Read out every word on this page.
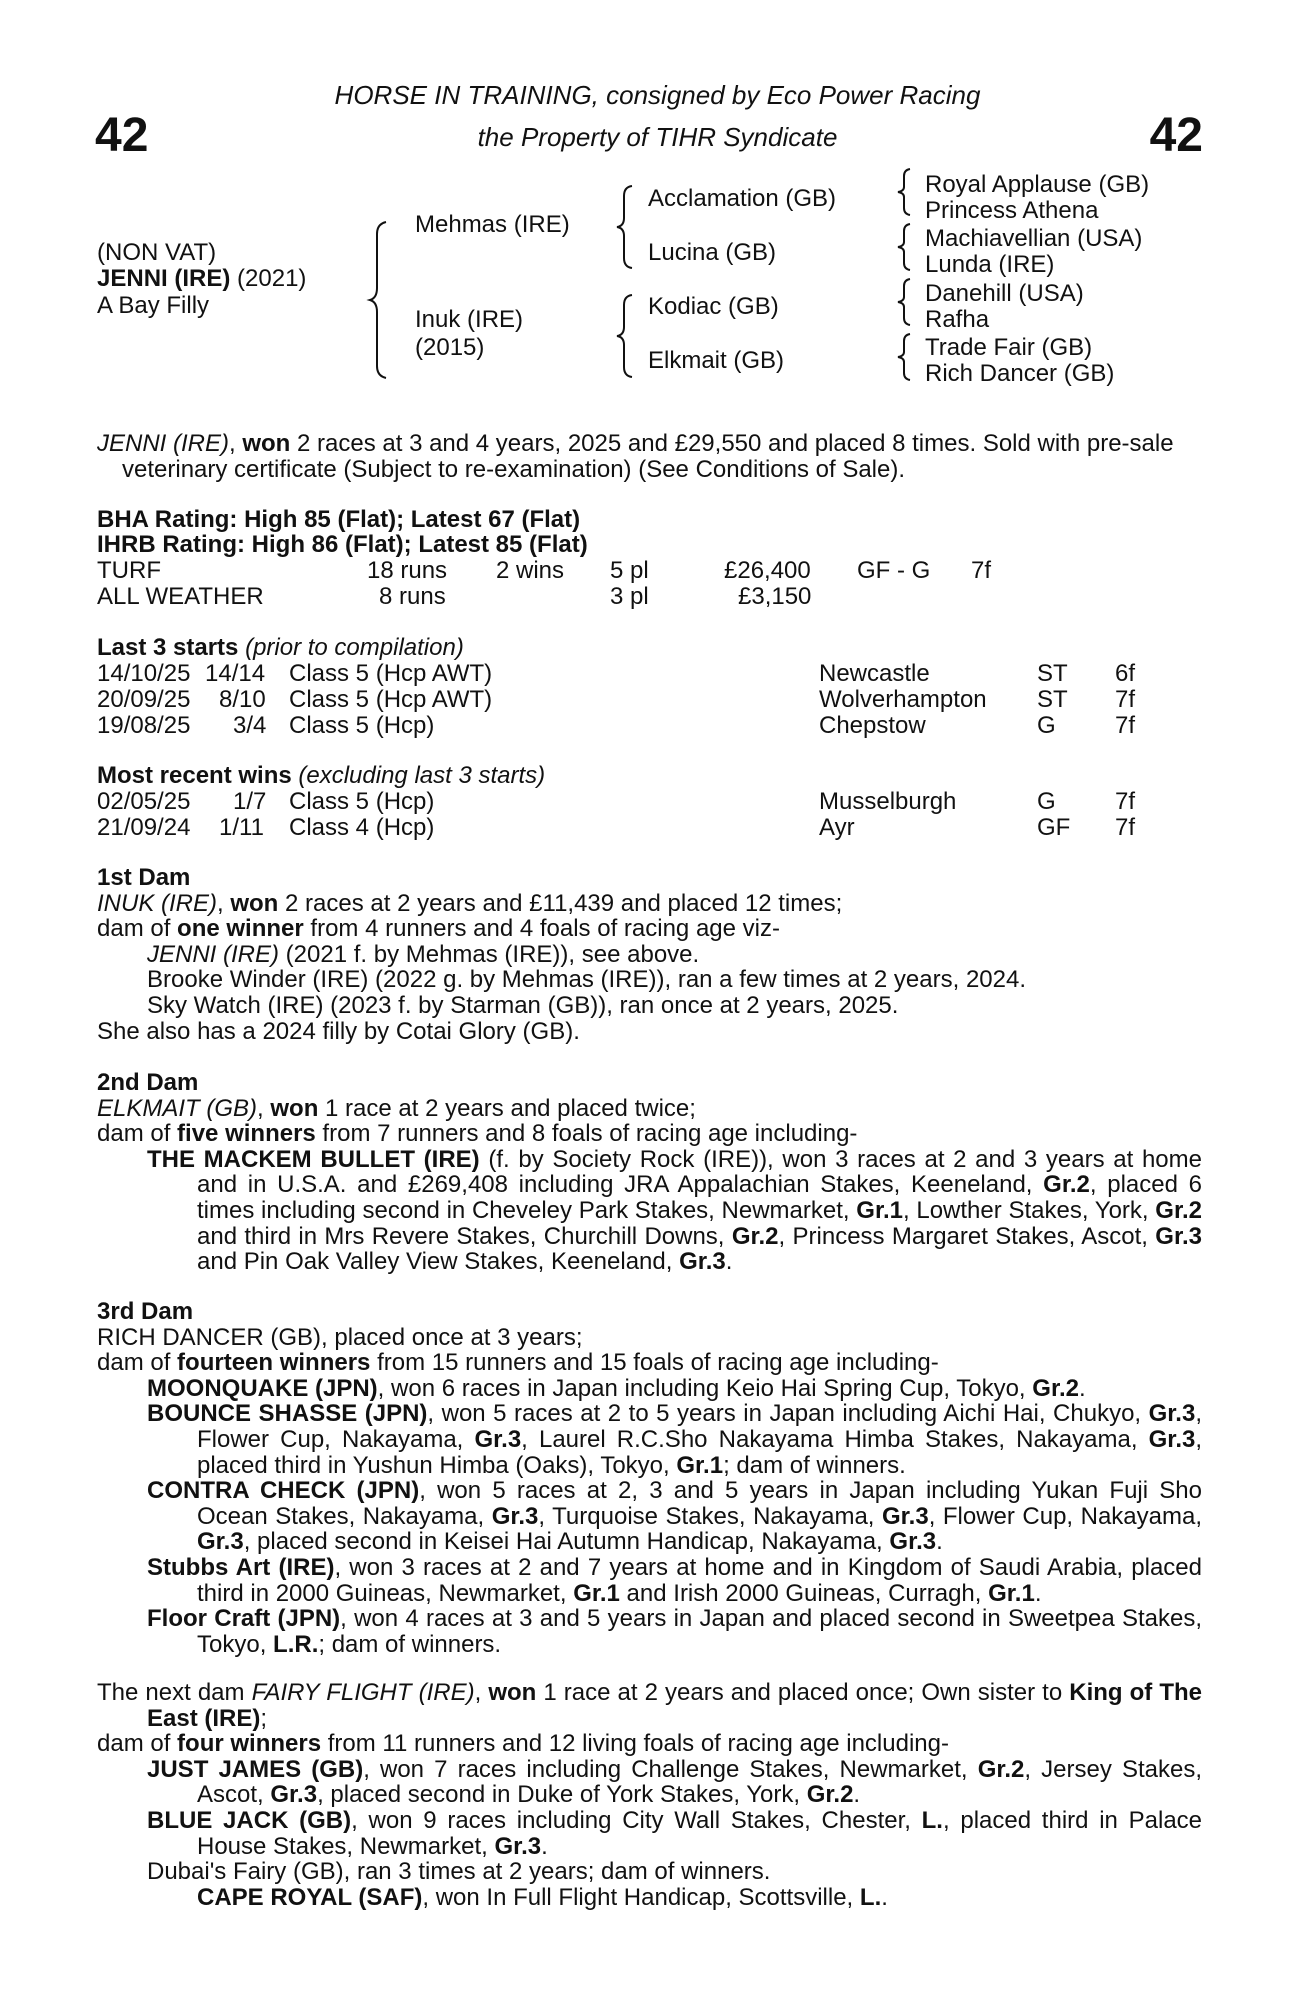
42	42
HORSE IN TRAINING, consigned by Eco Power Racing
the Property of TIHR Syndicate
(NON VAT)
JENNI (IRE) (2021)
A Bay Filly
Mehmas (IRE)
Inuk (IRE)
(2015)
Acclamation (GB)
Lucina (GB)
Kodiac (GB)
Elkmait (GB)
Royal Applause (GB)
Princess Athena
Machiavellian (USA)
Lunda (IRE)
Danehill (USA)
Rafha
Trade Fair (GB)
Rich Dancer (GB)

JENNI (IRE), won 2 races at 3 and 4 years, 2025 and £29,550 and placed 8 times. Sold with pre-sale veterinary certificate (Subject to re-examination) (See Conditions of Sale).

BHA Rating: High 85 (Flat); Latest 67 (Flat)
IHRB Rating: High 86 (Flat); Latest 85 (Flat)
TURF	18 runs 2 wins 5 pl	£26,400 GF - G 7f
ALL WEATHER	8 runs	3 pl	£3,150
Last 3 starts (prior to compilation)
14/10/25 14/14 Class 5 (Hcp AWT)	Newcastle	ST 6f
20/09/25 8/10 Class 5 (Hcp AWT)	Wolverhampton ST 7f
19/08/25 3/4 Class 5 (Hcp)	Chepstow	G 7f
Most recent wins (excluding last 3 starts)
02/05/25 1/7 Class 5 (Hcp)	Musselburgh	G 7f
21/09/24 1/11 Class 4 (Hcp)	Ayr	GF 7f

1st Dam

INUK (IRE), won 2 races at 2 years and £11,439 and placed 12 times;

dam of one winner from 4 runners and 4 foals of racing age viz-

JENNI (IRE) (2021 f. by Mehmas (IRE)), see above.

Brooke Winder (IRE) (2022 g. by Mehmas (IRE)), ran a few times at 2 years, 2024.

Sky Watch (IRE) (2023 f. by Starman (GB)), ran once at 2 years, 2025.

She also has a 2024 filly by Cotai Glory (GB).

2nd Dam

ELKMAIT (GB), won 1 race at 2 years and placed twice;

dam of five winners from 7 runners and 8 foals of racing age including-

THE MACKEM BULLET (IRE) (f. by Society Rock (IRE)), won 3 races at 2 and 3 years at home and in U.S.A. and £269,408 including JRA Appalachian Stakes, Keeneland, Gr.2, placed 6 times including second in Cheveley Park Stakes, Newmarket, Gr.1, Lowther Stakes, York, Gr.2 and third in Mrs Revere Stakes, Churchill Downs, Gr.2, Princess Margaret Stakes, Ascot, Gr.3 and Pin Oak Valley View Stakes, Keeneland, Gr.3.

3rd Dam

RICH DANCER (GB), placed once at 3 years;

dam of fourteen winners from 15 runners and 15 foals of racing age including-

MOONQUAKE (JPN), won 6 races in Japan including Keio Hai Spring Cup, Tokyo, Gr.2.

BOUNCE SHASSE (JPN), won 5 races at 2 to 5 years in Japan including Aichi Hai, Chukyo, Gr.3, Flower Cup, Nakayama, Gr.3, Laurel R.C.Sho Nakayama Himba Stakes, Nakayama, Gr.3, placed third in Yushun Himba (Oaks), Tokyo, Gr.1; dam of winners.

CONTRA CHECK (JPN), won 5 races at 2, 3 and 5 years in Japan including Yukan Fuji Sho Ocean Stakes, Nakayama, Gr.3, Turquoise Stakes, Nakayama, Gr.3, Flower Cup, Nakayama, Gr.3, placed second in Keisei Hai Autumn Handicap, Nakayama, Gr.3.

Stubbs Art (IRE), won 3 races at 2 and 7 years at home and in Kingdom of Saudi Arabia, placed third in 2000 Guineas, Newmarket, Gr.1 and Irish 2000 Guineas, Curragh, Gr.1.

Floor Craft (JPN), won 4 races at 3 and 5 years in Japan and placed second in Sweetpea Stakes, Tokyo, L.R.; dam of winners.

The next dam FAIRY FLIGHT (IRE), won 1 race at 2 years and placed once; Own sister to King of The East (IRE);

dam of four winners from 11 runners and 12 living foals of racing age including-

JUST JAMES (GB), won 7 races including Challenge Stakes, Newmarket, Gr.2, Jersey Stakes, Ascot, Gr.3, placed second in Duke of York Stakes, York, Gr.2.

BLUE JACK (GB), won 9 races including City Wall Stakes, Chester, L., placed third in Palace House Stakes, Newmarket, Gr.3.

Dubai's Fairy (GB), ran 3 times at 2 years; dam of winners.

CAPE ROYAL (SAF), won In Full Flight Handicap, Scottsville, L..
